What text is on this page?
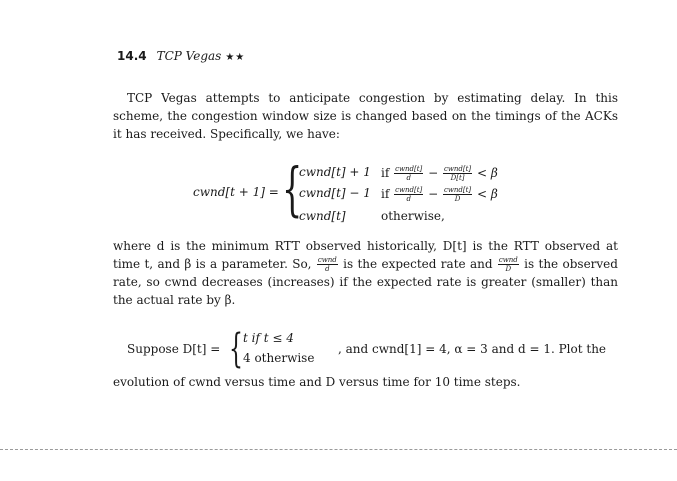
14.4 TCP Vegas ★★
TCP Vegas attempts to anticipate congestion by estimating delay. In this scheme, the congestion window size is changed based on the timings of the ACKs it has received. Specifically, we have:
cwnd[t + 1] = {
cwnd[t] + 1 if $\frac{\text{cwnd[t]}}{d} - \frac{\text{cwnd[t]}}{D[t]} < \beta$
cwnd[t] − 1 if $\frac{\text{cwnd[t]}}{d} - \frac{\text{cwnd[t]}}{D} < \beta$
cwnd[t]	otherwise,
where d is the minimum RTT observed historically, D[t] is the RTT observed at time t, and β is a parameter. So, $\frac{\text{cwnd}}{d}$ is the expected rate and $\frac{\text{cwnd}}{D}$ is the observed rate, so cwnd decreases (increases) if the expected rate is greater (smaller) than the actual rate by β.
Suppose D[t] = { t if t ≤ 4
4 otherwise
, and cwnd[1] = 4, α = 3 and d = 1. Plot the
evolution of cwnd versus time and D versus time for 10 time steps.
